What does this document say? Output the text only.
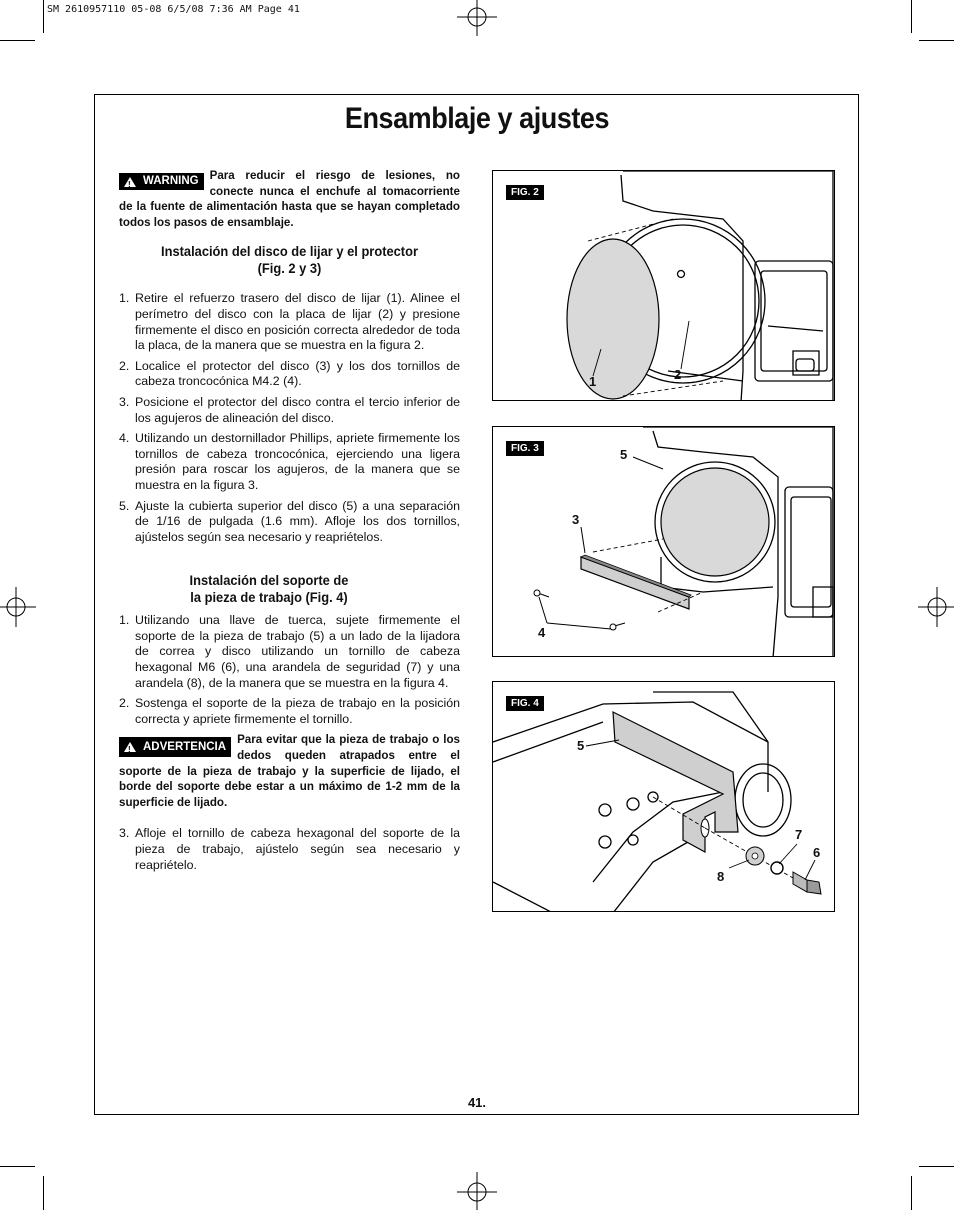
SM 2610957110 05-08 6/5/08 7:36 AM Page 41
Ensamblaje y ajustes
!
WARNING Para reducir el riesgo de lesiones, no conecte nunca el enchufe al tomacorriente de la fuente de alimentación hasta que se hayan completado todos los pasos de ensamblaje.
Instalación del disco de lijar y el protector
(Fig. 2 y 3)
1. Retire el refuerzo trasero del disco de lijar (1). Alinee el perímetro del disco con la placa de lijar (2) y presione firmemente el disco en posición correcta alrededor de toda la placa, de la manera que se muestra en la figura 2.
2. Localice el protector del disco (3) y los dos tornillos de cabeza troncocónica M4.2 (4).
3. Posicione el protector del disco contra el tercio inferior de los agujeros de alineación del disco.
4. Utilizando un destornillador Phillips, apriete firmemente los tornillos de cabeza troncocónica, ejerciendo una ligera presión para roscar los agujeros, de la manera que se muestra en la figura 3.
5. Ajuste la cubierta superior del disco (5) a una separación de 1/16 de pulgada (1.6 mm). Afloje los dos tornillos, ajústelos según sea necesario y reapriételos.
Instalación del soporte de
la pieza de trabajo (Fig. 4)
1. Utilizando una llave de tuerca, sujete firmemente el soporte de la pieza de trabajo (5) a un lado de la lijadora de correa y disco utilizando un tornillo de cabeza hexagonal M6 (6), una arandela de seguridad (7) y una arandela (8), de la manera que se muestra en la figura 4.
2. Sostenga el soporte de la pieza de trabajo en la posición correcta y apriete firmemente el tornillo.
!
ADVERTENCIA
Para evitar que la pieza de trabajo o los dedos queden atrapados entre el soporte de la pieza de trabajo y la superficie de lijado, el borde del soporte debe estar a un máximo de 1-2 mm de la superficie de lijado.
3. Afloje el tornillo de cabeza hexagonal del soporte de la pieza de trabajo, ajústelo según sea necesario y reapriételo.
FIG. 2
1	2
FIG. 3	5
3
4
FIG. 4
5
7
6
8
41.
